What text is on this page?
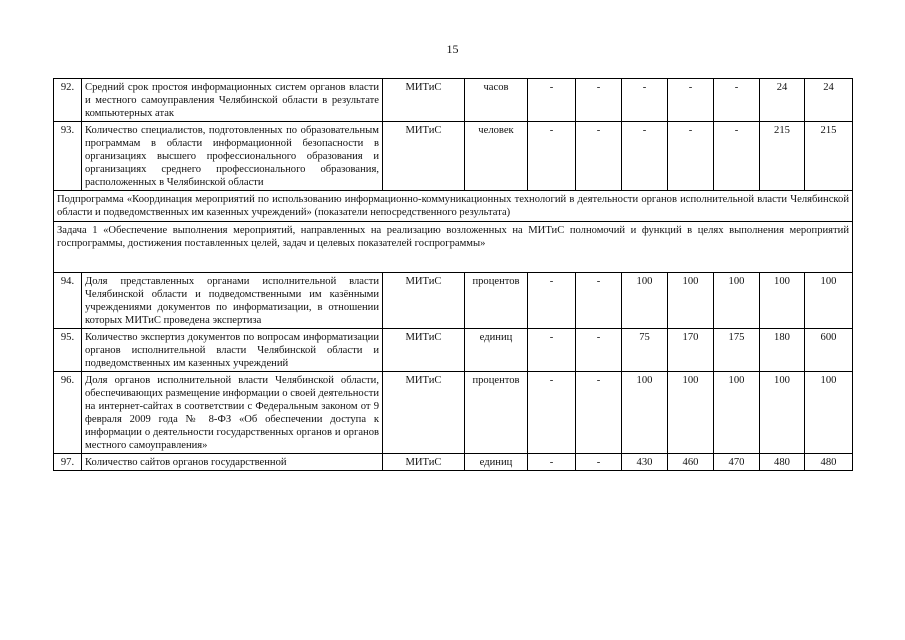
15
92.	Средний срок простоя информационных систем органов власти и местного самоуправления Челябинской области в результате компьютерных атак	МИТиС	часов	-	-	-	-	-	24	24
93.	Количество специалистов, подготовленных по образовательным программам в области информационной безопасности в организациях высшего профессионального образования и организациях среднего профессионального образования, расположенных в Челябинской области	МИТиС	человек	-	-	-	-	-	215	215
Подпрограмма «Координация мероприятий по использованию информационно-коммуникационных технологий в деятельности органов исполнительной власти Челябинской области и подведомственных им казенных учреждений» (показатели непосредственного результата)										
Задача 1 «Обеспечение выполнения мероприятий, направленных на реализацию возложенных на МИТиС полномочий и функций в целях выполнения мероприятий госпрограммы, достижения поставленных целей, задач и целевых показателей госпрограммы»										
94.	Доля представленных органами исполнительной власти Челябинской области и подведомственными им казёнными учреждениями документов по информатизации, в отношении которых МИТиС проведена экспертиза	МИТиС	процентов	-	-	100	100	100	100	100
95.	Количество экспертиз документов по вопросам информатизации органов исполнительной власти Челябинской области и подведомственных им казенных учреждений	МИТиС	единиц	-	-	75	170	175	180	600
96.	Доля органов исполнительной власти Челябинской области, обеспечивающих размещение информации о своей деятельности на интернет-сайтах в соответствии с Федеральным законом от 9 февраля 2009 года № 8-ФЗ «Об обеспечении доступа к информации о деятельности государственных органов и органов местного самоуправления»	МИТиС	процентов	-	-	100	100	100	100	100
97.	Количество сайтов органов государственной	МИТиС	единиц	-	-	430	460	470	480	480
